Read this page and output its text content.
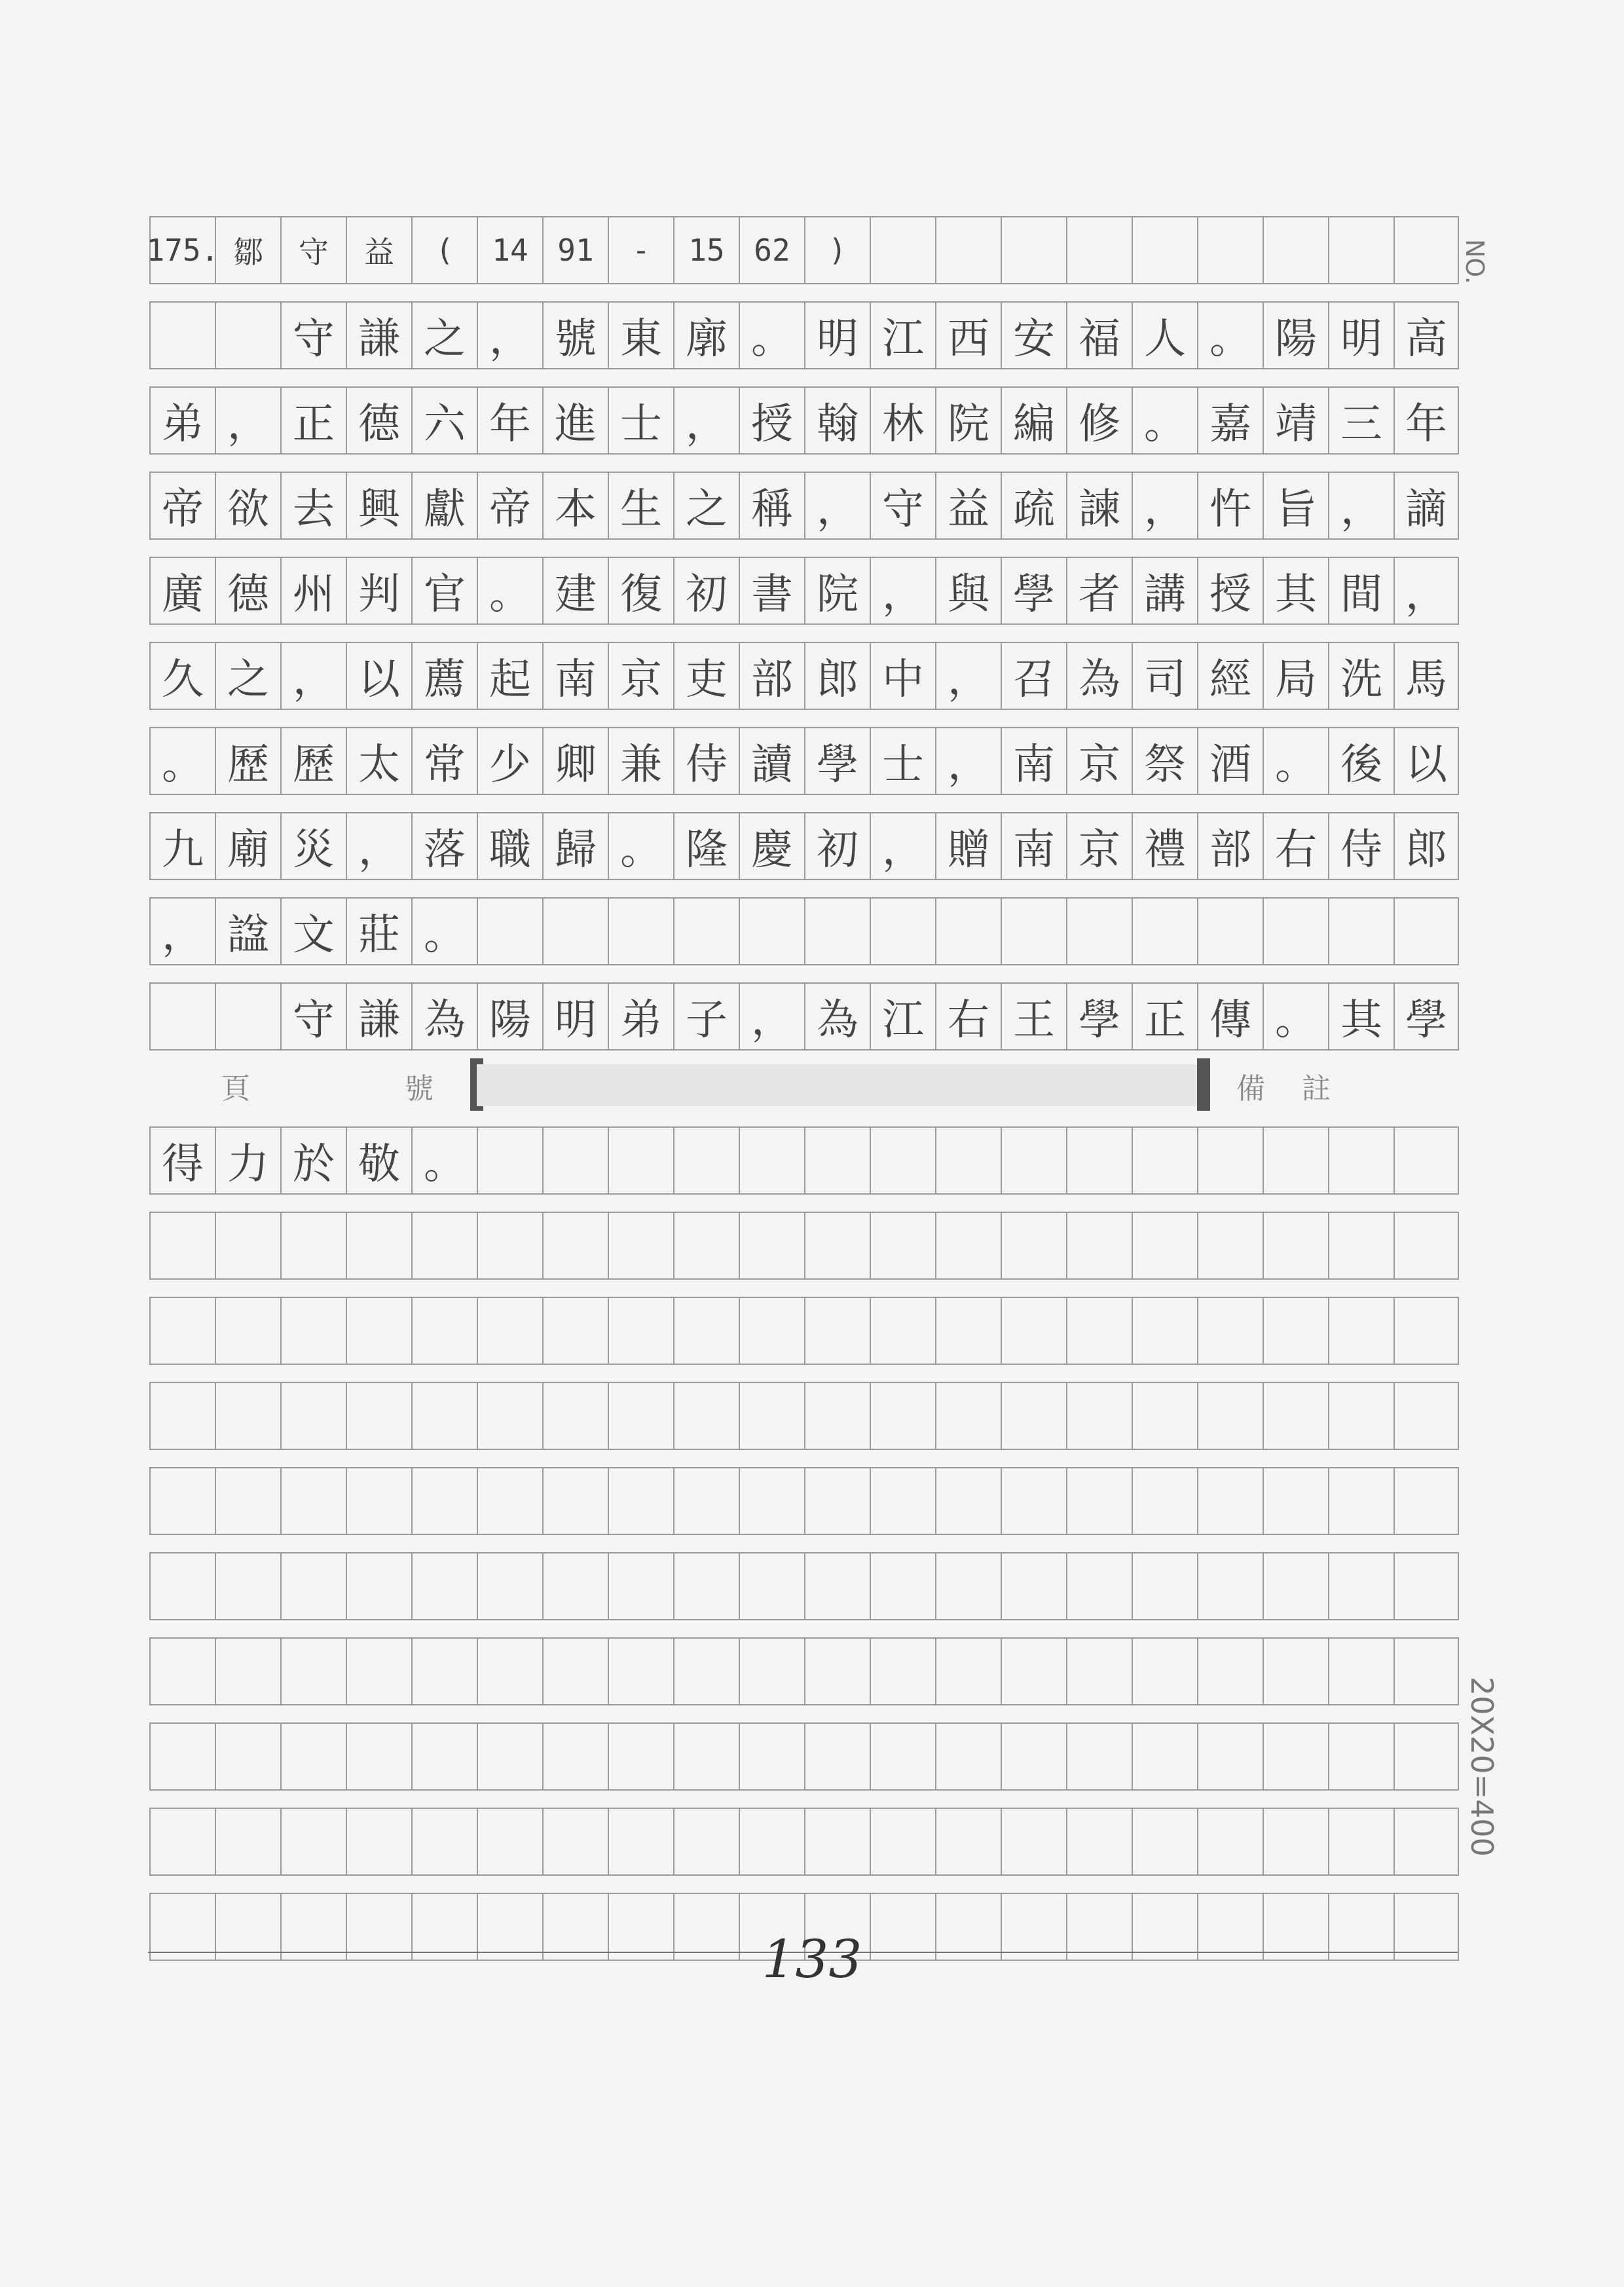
175. 鄒	守	益	(	14 91	-	15 62	)
守 謙 之 ， 號 東 廓 。 明 江 西 安 福 人 。 陽 明 高
弟 ， 正 德 六 年 進 士 ， 授 翰 林 院 編 修 。 嘉 靖 三 年
帝 欲 去 興 獻 帝 本 生 之 稱 ， 守 益 疏 諫 ， 忤 旨 ， 謫
廣 德 州 判 官 。 建 復 初 書 院 ， 與 學 者 講 授 其 間 ，
久 之 ， 以 薦 起 南 京 吏 部 郎 中 ， 召 為 司 經 局 洗 馬
。 歷 歷 太 常 少 卿 兼 侍 讀 學 士 ， 南 京 祭 酒 。 後 以
九 廟 災 ， 落 職 歸 。 隆 慶 初 ， 贈 南 京 禮 部 右 侍 郎
， 諡 文 莊 。
守 謙 為 陽 明 弟 子 ， 為 江 右 王 學 正 傳 。 其 學
得 力 於 敬 。
頁	號	備 註
NO.
20X20=400
133
